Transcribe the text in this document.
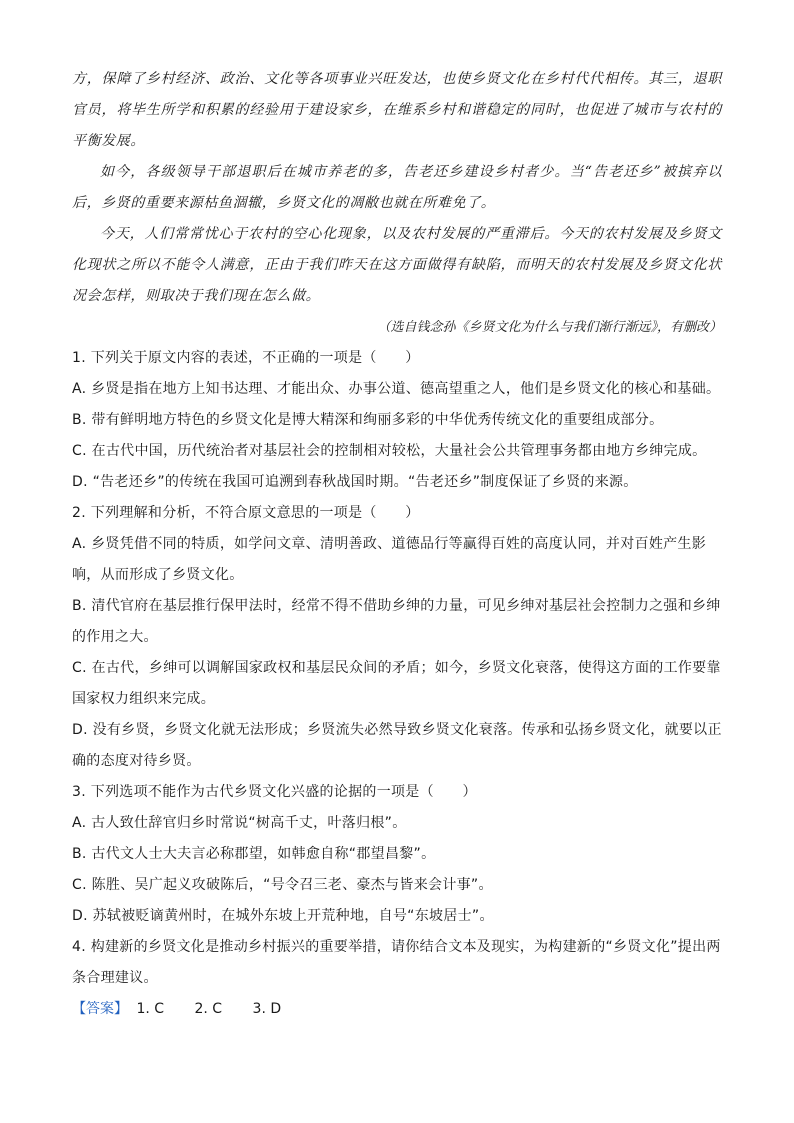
方，保障了乡村经济、政治、文化等各项事业兴旺发达，也使乡贤文化在乡村代代相传。其三，退职官员，将毕生所学和积累的经验用于建设家乡，在维系乡村和谐稳定的同时，也促进了城市与农村的平衡发展。

如今，各级领导干部退职后在城市养老的多，告老还乡建设乡村者少。当“告老还乡”被摈弃以后，乡贤的重要来源枯鱼涸辙，乡贤文化的凋敝也就在所难免了。

今天，人们常常忧心于农村的空心化现象，以及农村发展的严重滞后。今天的农村发展及乡贤文化现状之所以不能令人满意，正由于我们昨天在这方面做得有缺陷，而明天的农村发展及乡贤文化状况会怎样，则取决于我们现在怎么做。

（选自钱念孙《乡贤文化为什么与我们渐行渐远》，有删改）

1. 下列关于原文内容的表述，不正确的一项是（　　）

A. 乡贤是指在地方上知书达理、才能出众、办事公道、德高望重之人，他们是乡贤文化的核心和基础。

B. 带有鲜明地方特色的乡贤文化是博大精深和绚丽多彩的中华优秀传统文化的重要组成部分。

C. 在古代中国，历代统治者对基层社会的控制相对较松，大量社会公共管理事务都由地方乡绅完成。

D. “告老还乡”的传统在我国可追溯到春秋战国时期。“告老还乡”制度保证了乡贤的来源。

2. 下列理解和分析，不符合原文意思的一项是（　　）

A. 乡贤凭借不同的特质，如学问文章、清明善政、道德品行等赢得百姓的高度认同，并对百姓产生影响，从而形成了乡贤文化。

B. 清代官府在基层推行保甲法时，经常不得不借助乡绅的力量，可见乡绅对基层社会控制力之强和乡绅的作用之大。

C. 在古代，乡绅可以调解国家政权和基层民众间的矛盾；如今，乡贤文化衰落，使得这方面的工作要靠国家权力组织来完成。

D. 没有乡贤，乡贤文化就无法形成；乡贤流失必然导致乡贤文化衰落。传承和弘扬乡贤文化，就要以正确的态度对待乡贤。

3. 下列选项不能作为古代乡贤文化兴盛的论据的一项是（　　）

A. 古人致仕辞官归乡时常说“树高千丈，叶落归根”。

B. 古代文人士大夫言必称郡望，如韩愈自称“郡望昌黎”。

C. 陈胜、吴广起义攻破陈后，“号令召三老、豪杰与皆来会计事”。

D. 苏轼被贬谪黄州时，在城外东坡上开荒种地，自号“东坡居士”。

4. 构建新的乡贤文化是推动乡村振兴的重要举措，请你结合文本及现实，为构建新的“乡贤文化”提出两条合理建议。

【答案】 1. C 2. C 3. D
